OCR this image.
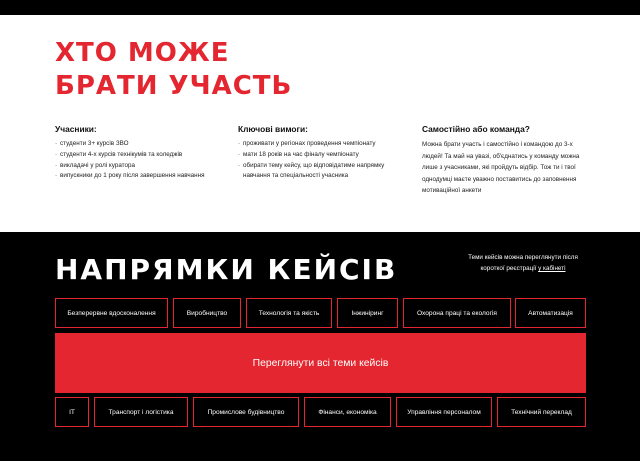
ХТО МОЖЕ
БРАТИ УЧАСТЬ
Учасники:
· студенти 3+ курсів ЗВО
· студенти 4-х курсів технікумів та коледжів
· викладачі у ролі куратора
· випускники до 1 року після завершення навчання
Ключові вимоги:
· проживати у регіонах проведення чемпіонату
· мати 18 років на час фіналу чемпіонату
· обирати тему кейсу, що відповідатиме напрямку навчання та спеціальності учасника
Самостійно або команда?

Можна брати участь і самостійно і командою до 3-х людей! Та май на увазі, об'єднатись у команду можна лише з учасниками, які пройдуть відбір. Тож ти і твої однодумці маєте уважно поставитись до заповнення мотиваційної анкети

НАПРЯМКИ КЕЙСІВ	Теми кейсів можна переглянути після короткої реєстрації у кабінеті
Безперервне вдосконалення	Виробництво	Технологія та якість	Інжиніринг	Охорона праці та екологія	Автоматизація
Переглянути всі теми кейсів
IT	Транспорт і логістика	Промислове будівництво	Фінанси, економіка	Управління персоналом	Технічний переклад
